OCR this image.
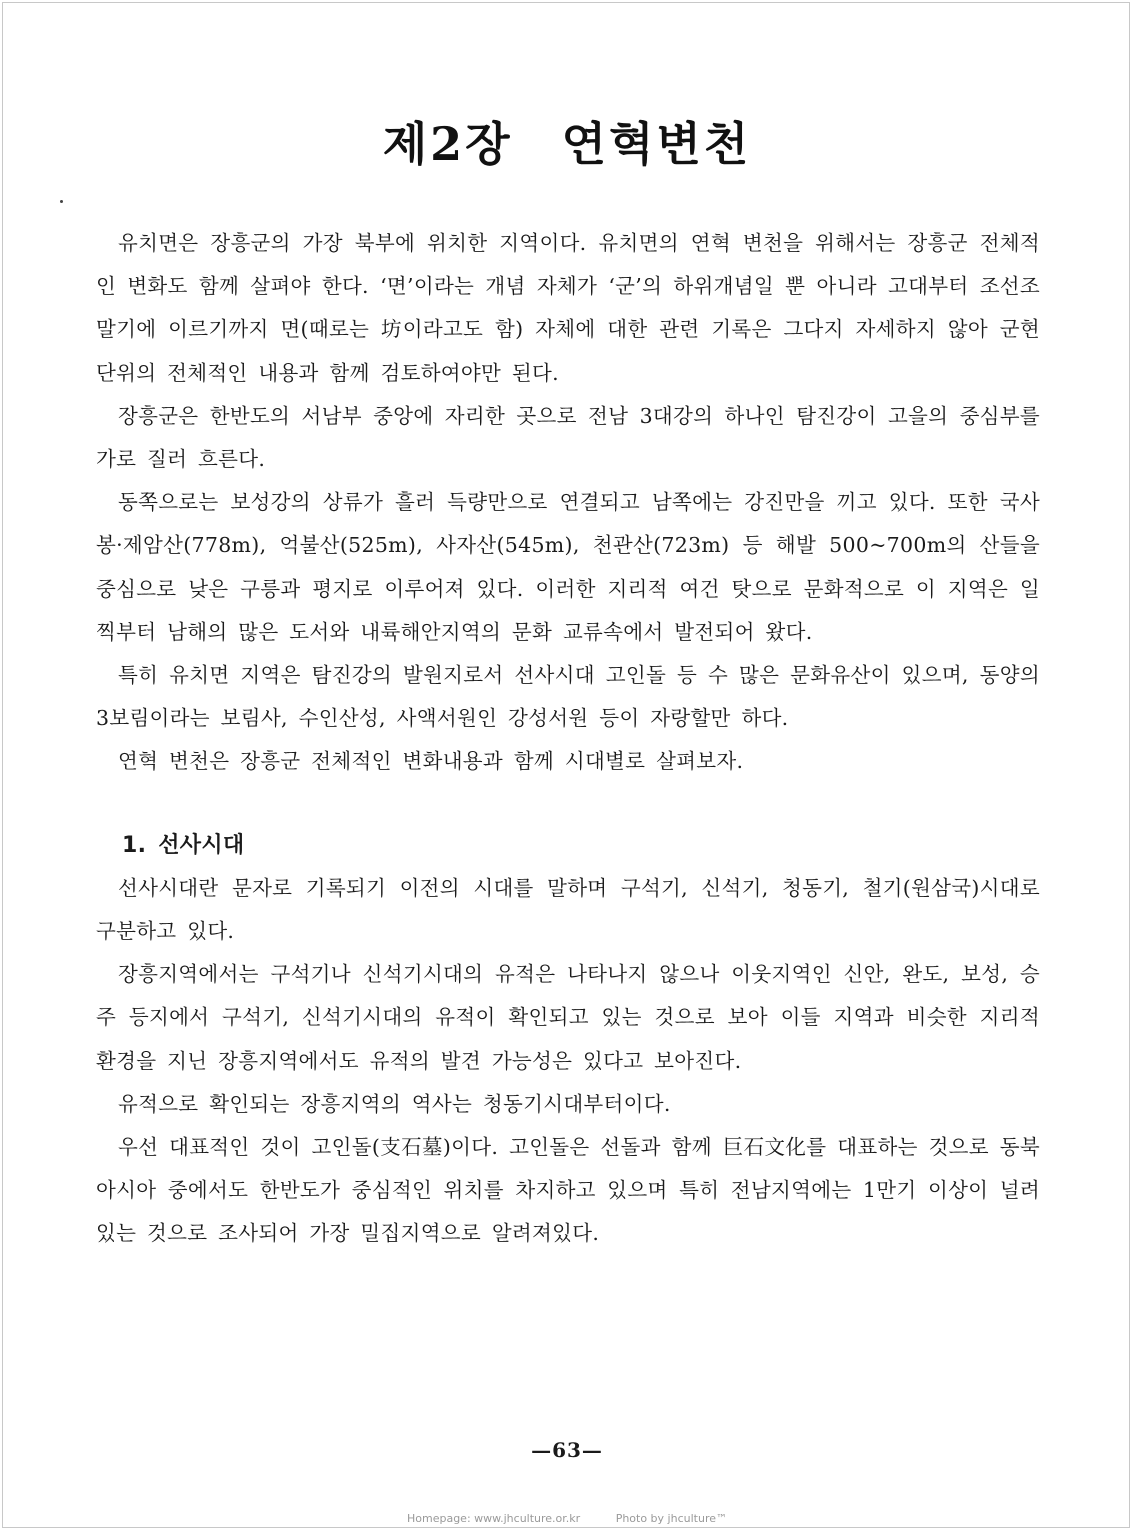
제2장　연혁변천

유치면은 장흥군의 가장 북부에 위치한 지역이다. 유치면의 연혁 변천을 위해서는 장흥군 전체적인 변화도 함께 살펴야 한다. ‘면’이라는 개념 자체가 ‘군’의 하위개념일 뿐 아니라 고대부터 조선조 말기에 이르기까지 면(때로는 坊이라고도 함) 자체에 대한 관련 기록은 그다지 자세하지 않아 군현 단위의 전체적인 내용과 함께 검토하여야만 된다.

장흥군은 한반도의 서남부 중앙에 자리한 곳으로 전남 3대강의 하나인 탐진강이 고을의 중심부를 가로 질러 흐른다.

동쪽으로는 보성강의 상류가 흘러 득량만으로 연결되고 남쪽에는 강진만을 끼고 있다. 또한 국사봉·제암산(778m), 억불산(525m), 사자산(545m), 천관산(723m) 등 해발 500~700m의 산들을 중심으로 낮은 구릉과 평지로 이루어져 있다. 이러한 지리적 여건 탓으로 문화적으로 이 지역은 일찍부터 남해의 많은 도서와 내륙해안지역의 문화 교류속에서 발전되어 왔다.

특히 유치면 지역은 탐진강의 발원지로서 선사시대 고인돌 등 수 많은 문화유산이 있으며, 동양의 3보림이라는 보림사, 수인산성, 사액서원인 강성서원 등이 자랑할만 하다.

연혁 변천은 장흥군 전체적인 변화내용과 함께 시대별로 살펴보자.

1. 선사시대

선사시대란 문자로 기록되기 이전의 시대를 말하며 구석기, 신석기, 청동기, 철기(원삼국)시대로 구분하고 있다.

장흥지역에서는 구석기나 신석기시대의 유적은 나타나지 않으나 이웃지역인 신안, 완도, 보성, 승주 등지에서 구석기, 신석기시대의 유적이 확인되고 있는 것으로 보아 이들 지역과 비슷한 지리적 환경을 지닌 장흥지역에서도 유적의 발견 가능성은 있다고 보아진다.

유적으로 확인되는 장흥지역의 역사는 청동기시대부터이다.

우선 대표적인 것이 고인돌(支石墓)이다. 고인돌은 선돌과 함께 巨石文化를 대표하는 것으로 동북아시아 중에서도 한반도가 중심적인 위치를 차지하고 있으며 특히 전남지역에는 1만기 이상이 널려있는 것으로 조사되어 가장 밀집지역으로 알려져있다.

—63—
Homepage: www.jhculture.or.kr	Photo by jhculture™
